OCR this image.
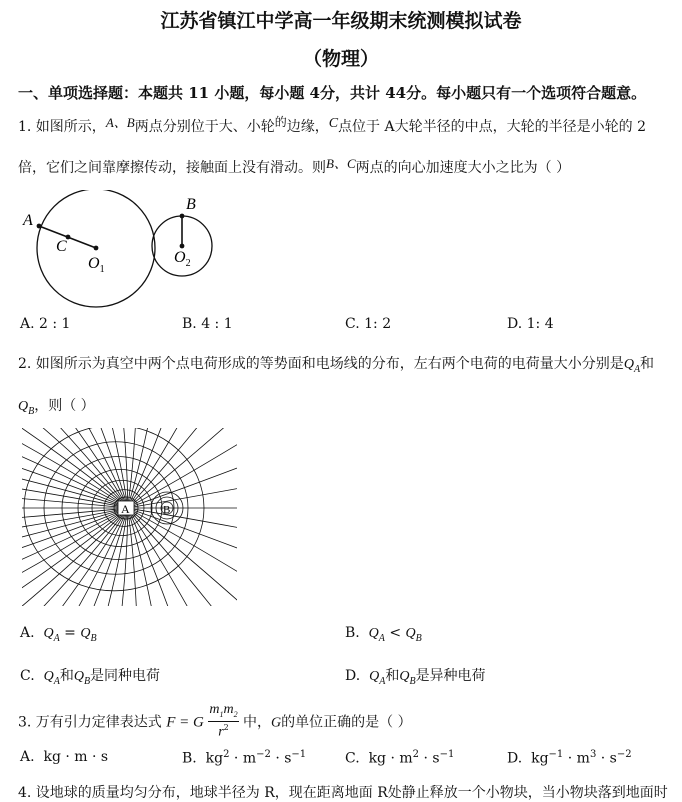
江苏省镇江中学高一年级期末统测模拟试卷
（物理）
一、单项选择题：本题共 11 小题，每小题 4分，共计 44分。每小题只有一个选项符合题意。
1. 如图所示，A、B两点分别位于大、小轮的边缘，C点位于 A大轮半径的中点，大轮的半径是小轮的 2
倍，它们之间靠摩擦传动，接触面上没有滑动。则B、C两点的向心加速度大小之比为（ ）
A
C
$O_1$
B
$O_2$
A. 2 : 1	B. 4 : 1	C. 1: 2	D. 1: 4
2. 如图所示为真空中两个点电荷形成的等势面和电场线的分布，左右两个电荷的电荷量大小分别是$Q_A$和
$Q_B$，则（ ）
A	B
A. $Q_A = Q_B$	B. $Q_A < Q_B$
C. $Q_A$和$Q_B$是同种电荷	D. $Q_A$和$Q_B$是异种电荷
3. 万有引力定律表达式 F = G $\frac{m_1m_2}{r^2}$ 中，G的单位正确的是（ ）
A. kg · m · s	B.  $kg^2 \cdot m^{-2} \cdot s^{-1}$	C.  kg · $m^2 \cdot s^{-1}$	D.  $kg^{-1} \cdot m^3 \cdot s^{-2}$
4. 设地球的质量均匀分布，地球半径为 R，现在距离地面 R处静止释放一个小物块，当小物块落到地面时
